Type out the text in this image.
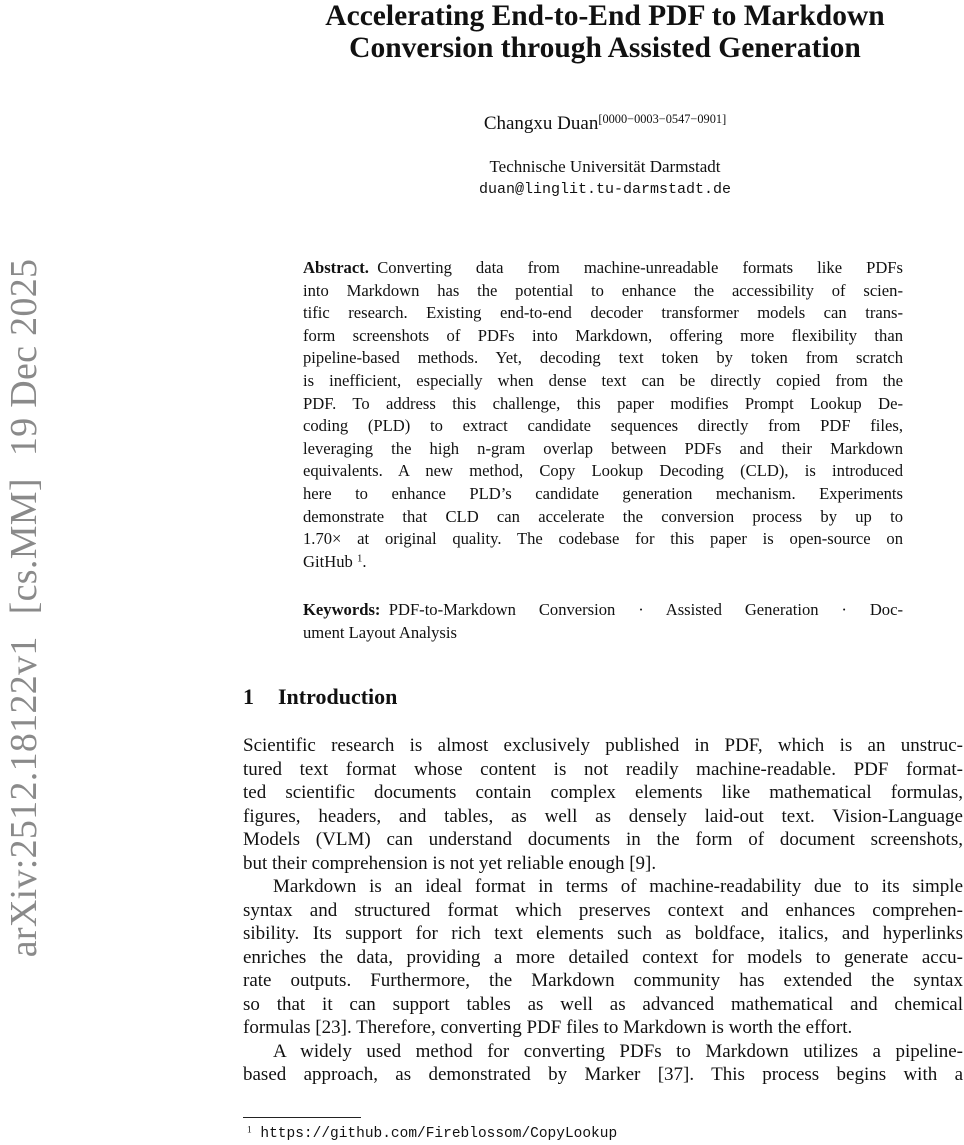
arXiv:2512.18122v1[cs.MM]19 Dec 2025
Accelerating End-to-End PDF to Markdown
Conversion through Assisted Generation
Changxu Duan[0000−0003−0547−0901]
Technische Universität Darmstadt
duan@linglit.tu-darmstadt.de
Abstract.  Converting data from machine-unreadable formats like PDFs
into Markdown has the potential to enhance the accessibility of scien-
tific research. Existing end-to-end decoder transformer models can trans-
form screenshots of PDFs into Markdown, offering more flexibility than
pipeline-based methods. Yet, decoding text token by token from scratch
is inefficient, especially when dense text can be directly copied from the
PDF. To address this challenge, this paper modifies Prompt Lookup De-
coding (PLD) to extract candidate sequences directly from PDF files,
leveraging the high n-gram overlap between PDFs and their Markdown
equivalents. A new method, Copy Lookup Decoding (CLD), is introduced
here to enhance PLD’s candidate generation mechanism. Experiments
demonstrate that CLD can accelerate the conversion process by up to
1.70× at original quality. The codebase for this paper is open-source on
GitHub $^1$.
Keywords:  PDF-to-Markdown Conversion · Assisted Generation · Doc-
ument Layout Analysis
1 Introduction
Scientific research is almost exclusively published in PDF, which is an unstruc-
tured text format whose content is not readily machine-readable. PDF format-
ted scientific documents contain complex elements like mathematical formulas,
figures, headers, and tables, as well as densely laid-out text. Vision-Language
Models (VLM) can understand documents in the form of document screenshots,
but their comprehension is not yet reliable enough [9].
Markdown is an ideal format in terms of machine-readability due to its simple
syntax and structured format which preserves context and enhances comprehen-
sibility. Its support for rich text elements such as boldface, italics, and hyperlinks
enriches the data, providing a more detailed context for models to generate accu-
rate outputs. Furthermore, the Markdown community has extended the syntax
so that it can support tables as well as advanced mathematical and chemical
formulas [23]. Therefore, converting PDF files to Markdown is worth the effort.
A widely used method for converting PDFs to Markdown utilizes a pipeline-
based approach, as demonstrated by Marker [37]. This process begins with a
$^1$ https://github.com/Fireblossom/CopyLookup
